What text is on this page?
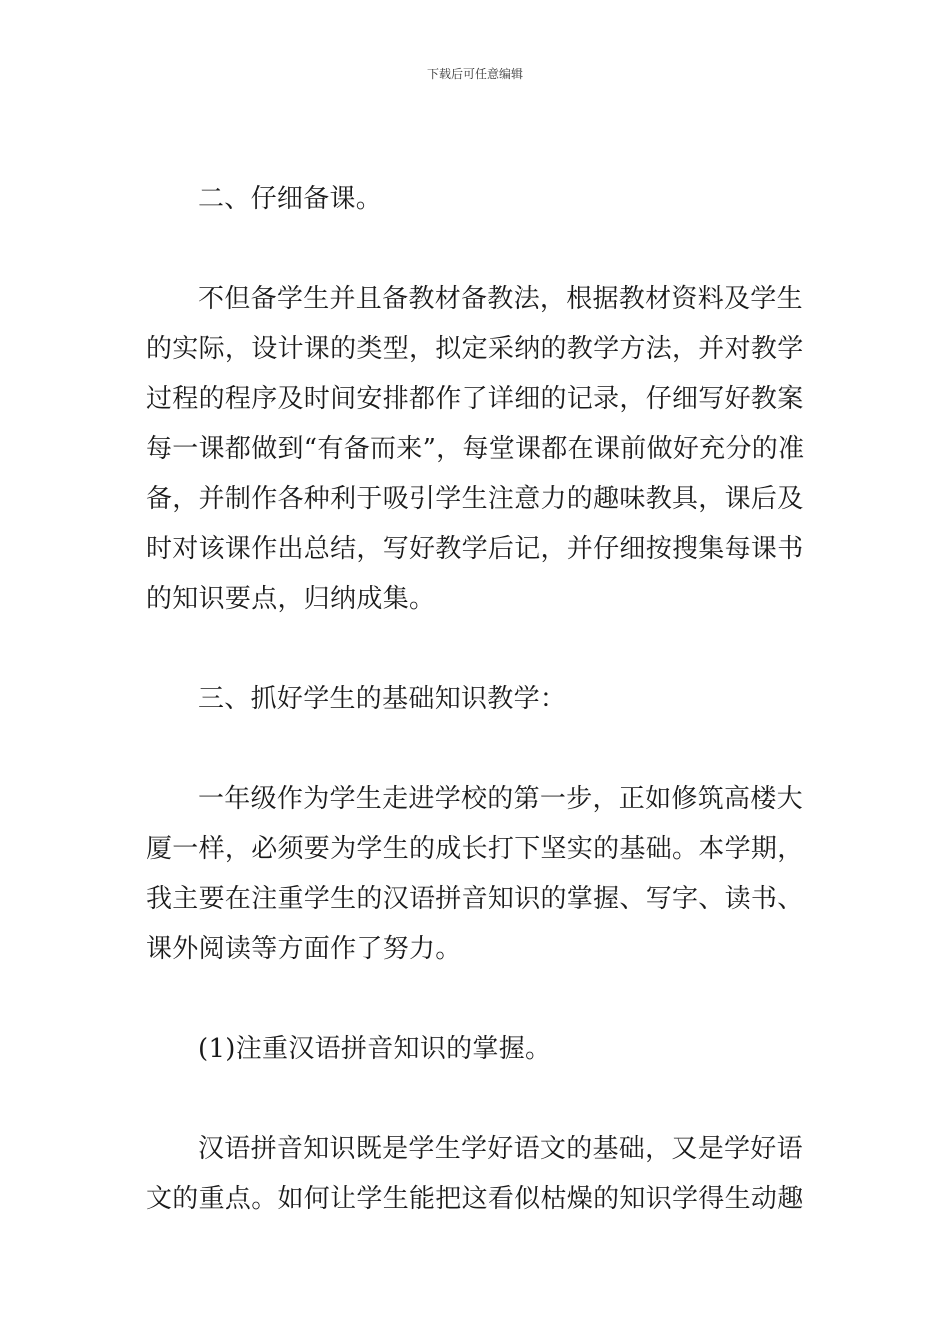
下载后可任意编辑

二、仔细备课。

不但备学生并且备教材备教法，根据教材资料及学生的实际，设计课的类型，拟定采纳的教学方法，并对教学过程的程序及时间安排都作了详细的记录，仔细写好教案每一课都做到“有备而来”，每堂课都在课前做好充分的准备，并制作各种利于吸引学生注意力的趣味教具，课后及时对该课作出总结，写好教学后记，并仔细按搜集每课书的知识要点，归纳成集。

三、抓好学生的基础知识教学：

一年级作为学生走进学校的第一步，正如修筑高楼大厦一样，必须要为学生的成长打下坚实的基础。本学期，我主要在注重学生的汉语拼音知识的掌握、写字、读书、课外阅读等方面作了努力。

(1)注重汉语拼音知识的掌握。

汉语拼音知识既是学生学好语文的基础，又是学好语文的重点。如何让学生能把这看似枯燥的知识学得生动趣
